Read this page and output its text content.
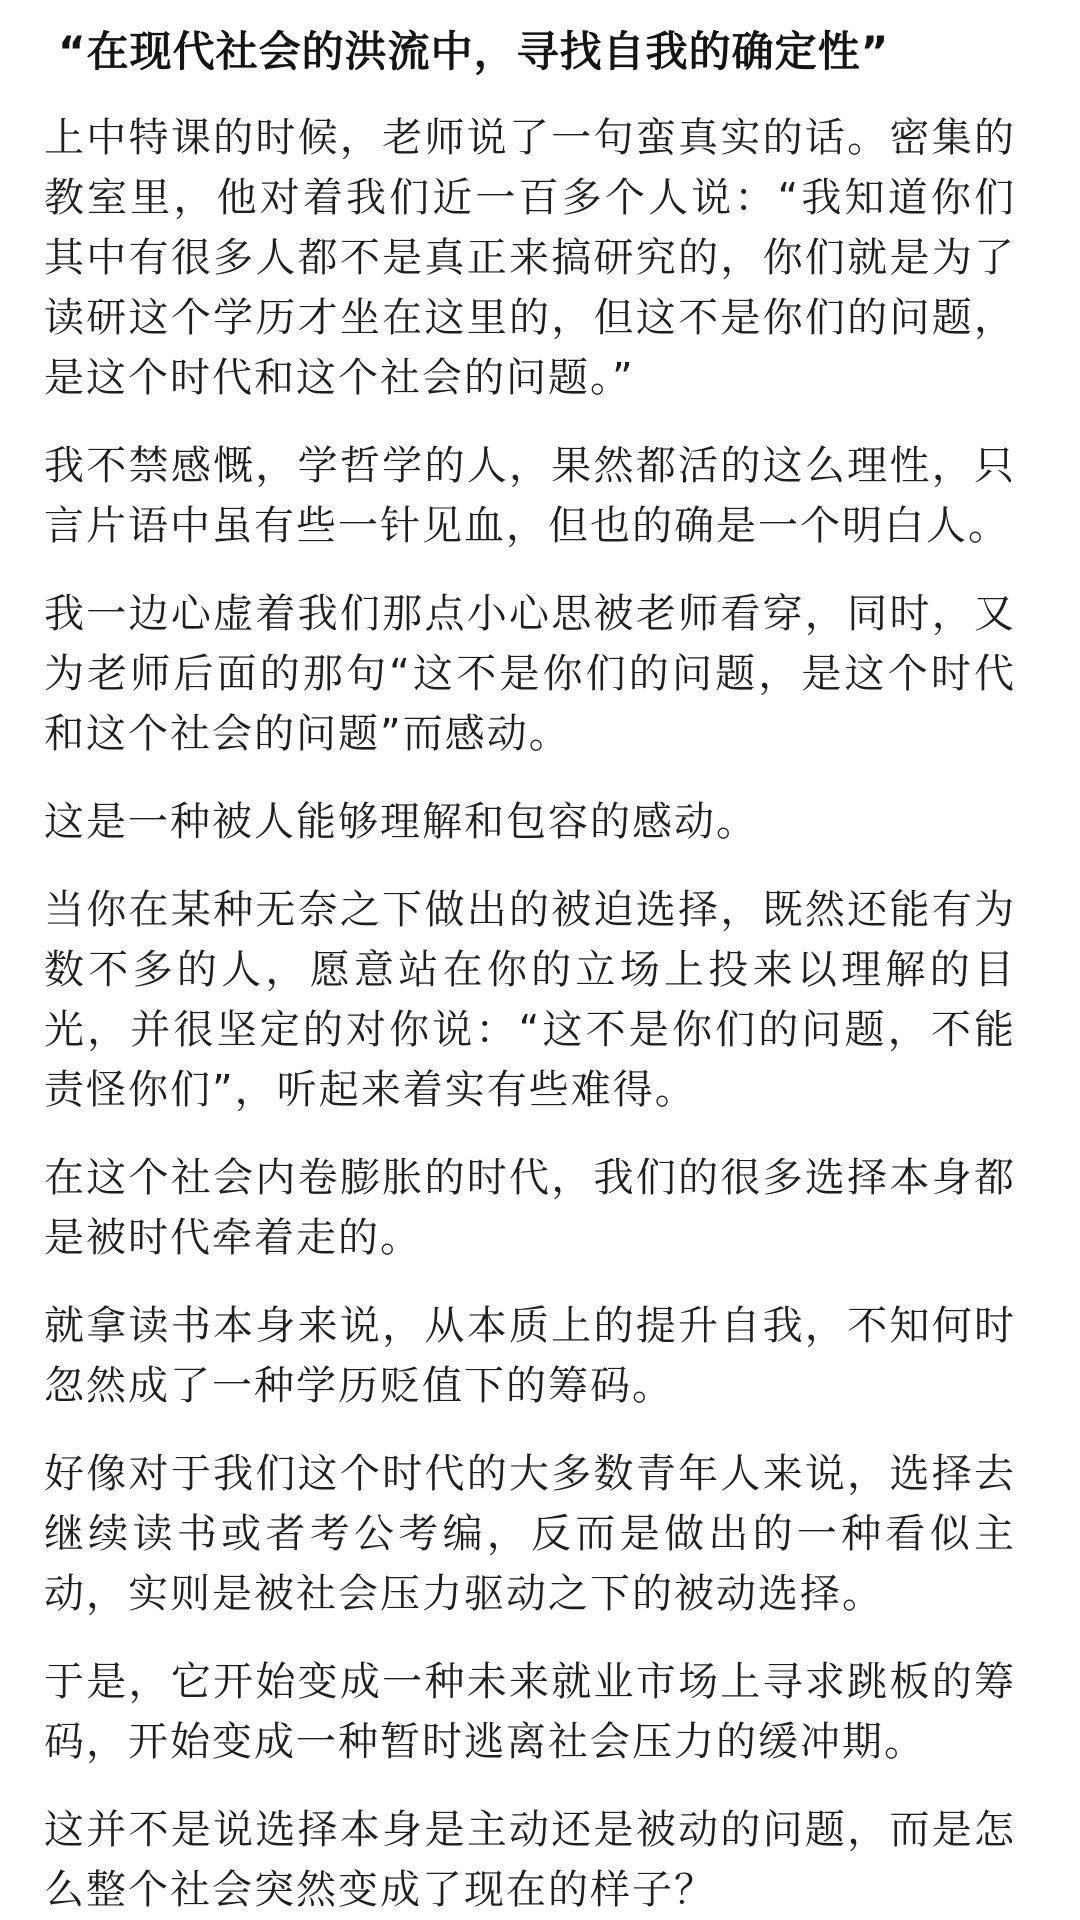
“在现代社会的洪流中，寻找自我的确定性”

上中特课的时候，老师说了一句蛮真实的话。密集的教室里，他对着我们近一百多个人说：“我知道你们其中有很多人都不是真正来搞研究的，你们就是为了读研这个学历才坐在这里的，但这不是你们的问题，是这个时代和这个社会的问题。”

我不禁感慨，学哲学的人，果然都活的这么理性，只言片语中虽有些一针见血，但也的确是一个明白人。

我一边心虚着我们那点小心思被老师看穿，同时，又为老师后面的那句“这不是你们的问题，是这个时代和这个社会的问题”而感动。

这是一种被人能够理解和包容的感动。

当你在某种无奈之下做出的被迫选择，既然还能有为数不多的人，愿意站在你的立场上投来以理解的目光，并很坚定的对你说：“这不是你们的问题，不能责怪你们”，听起来着实有些难得。

在这个社会内卷膨胀的时代，我们的很多选择本身都是被时代牵着走的。

就拿读书本身来说，从本质上的提升自我，不知何时忽然成了一种学历贬值下的筹码。

好像对于我们这个时代的大多数青年人来说，选择去继续读书或者考公考编，反而是做出的一种看似主动，实则是被社会压力驱动之下的被动选择。

于是，它开始变成一种未来就业市场上寻求跳板的筹码，开始变成一种暂时逃离社会压力的缓冲期。

这并不是说选择本身是主动还是被动的问题，而是怎么整个社会突然变成了现在的样子？
